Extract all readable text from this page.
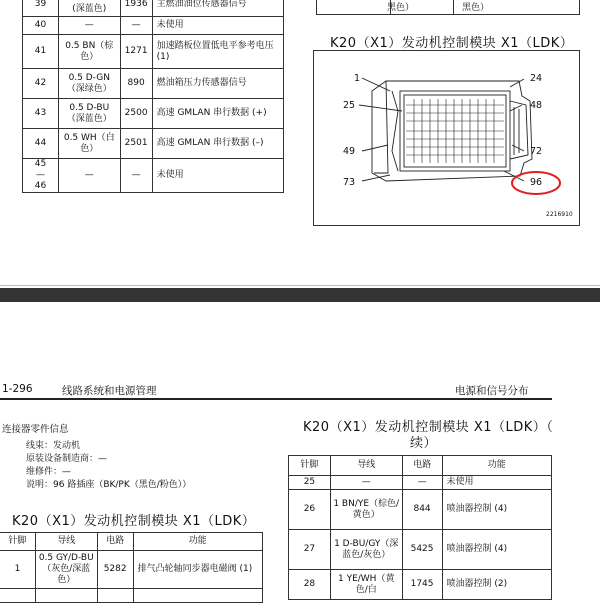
39	(深蓝色)	1936	主燃油油位传感器信号
40	—	—	未使用
41	0.5 BN（棕色）	1271	加速踏板位置低电平参考电压 (1)
42	0.5 D-GN（深绿色）	890	燃油箱压力传感器信号
43	0.5 D-BU（深蓝色）	2500	高速 GMLAN 串行数据 (+)
44	0.5 WH（白色）	2501	高速 GMLAN 串行数据 (–)
45 — 46	—	—	未使用
黑色）	黑色）
K20（X1）发动机控制模块 X1（LDK）
1
25
49
73
24
48
72
96
2216910
1-296	线路系统和电源管理	电源和信号分布
连接器零件信息
线束：发动机
原装设备制造商：—
维修件：—
说明：96 路插座（BK/PK（黑色/粉色））
K20（X1）发动机控制模块 X1（LDK）
针脚	导线	电路	功能
1	0.5 GY/D-BU（灰色/深蓝色）	5282	排气凸轮轴同步器电磁阀 (1)

K20（X1）发动机控制模块 X1（LDK）（
续）
针脚	导线	电路	功能
25	—	—	未使用
26	1 BN/YE（棕色/黄色）	844	喷油器控制 (4)
27	1 D-BU/GY（深蓝色/灰色）	5425	喷油器控制 (4)
28	1 YE/WH（黄色/白	1745	喷油器控制 (2)
